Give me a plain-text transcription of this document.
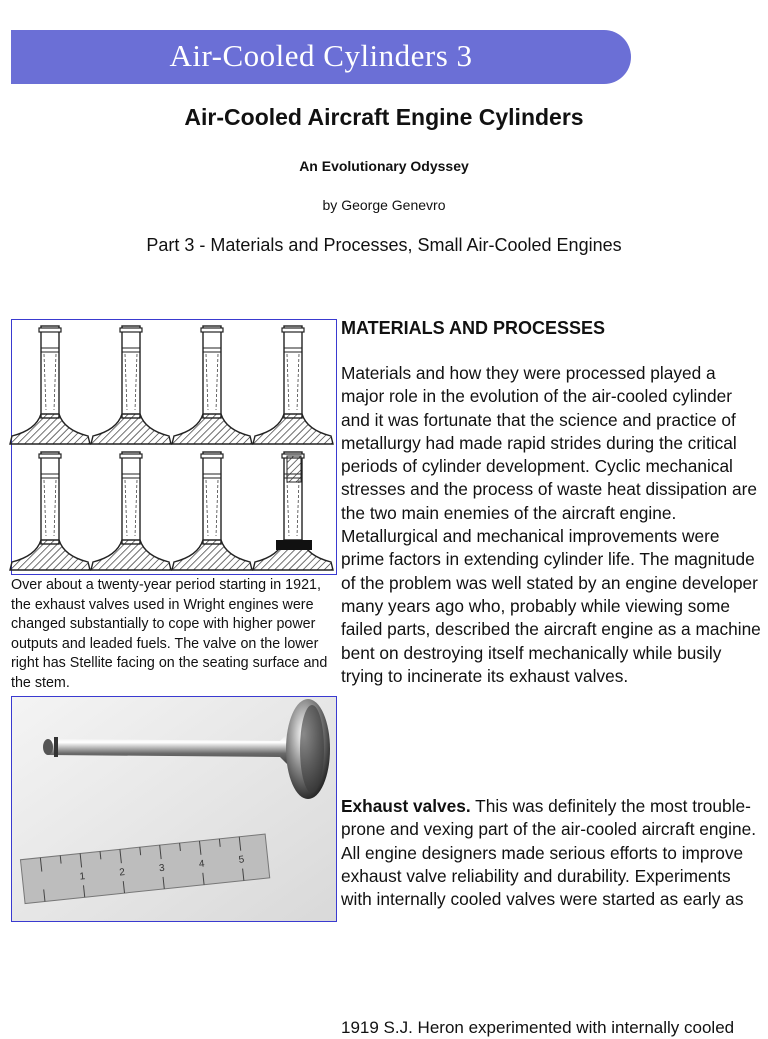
Air-Cooled Cylinders 3
Air-Cooled Aircraft Engine Cylinders
An Evolutionary Odyssey
by George Genevro
Part 3 - Materials and Processes, Small Air-Cooled Engines
Over about a twenty-year period starting in 1921, the exhaust valves used in Wright engines were changed substantially to cope with higher power outputs and leaded fuels. The valve on the lower right has Stellite facing on the seating surface and the stem.
1	2	3	4	5
MATERIALS AND PROCESSES
Materials and how they were processed played a major role in the evolution of the air-cooled cylinder and it was fortunate that the science and practice of metallurgy had made rapid strides during the critical periods of cylinder development. Cyclic mechanical stresses and the process of waste heat dissipation are the two main enemies of the aircraft engine. Metallurgical and mechanical improvements were prime factors in extending cylinder life. The magnitude of the problem was well stated by an engine developer many years ago who, probably while viewing some failed parts, described the aircraft engine as a machine bent on destroying itself mechanically while busily trying to incinerate its exhaust valves.
Exhaust valves. This was definitely the most trouble-prone and vexing part of the air-cooled aircraft engine. All engine designers made serious efforts to improve exhaust valve reliability and durability. Experiments with internally cooled valves were started as early as
1919 S.J. Heron experimented with internally cooled
